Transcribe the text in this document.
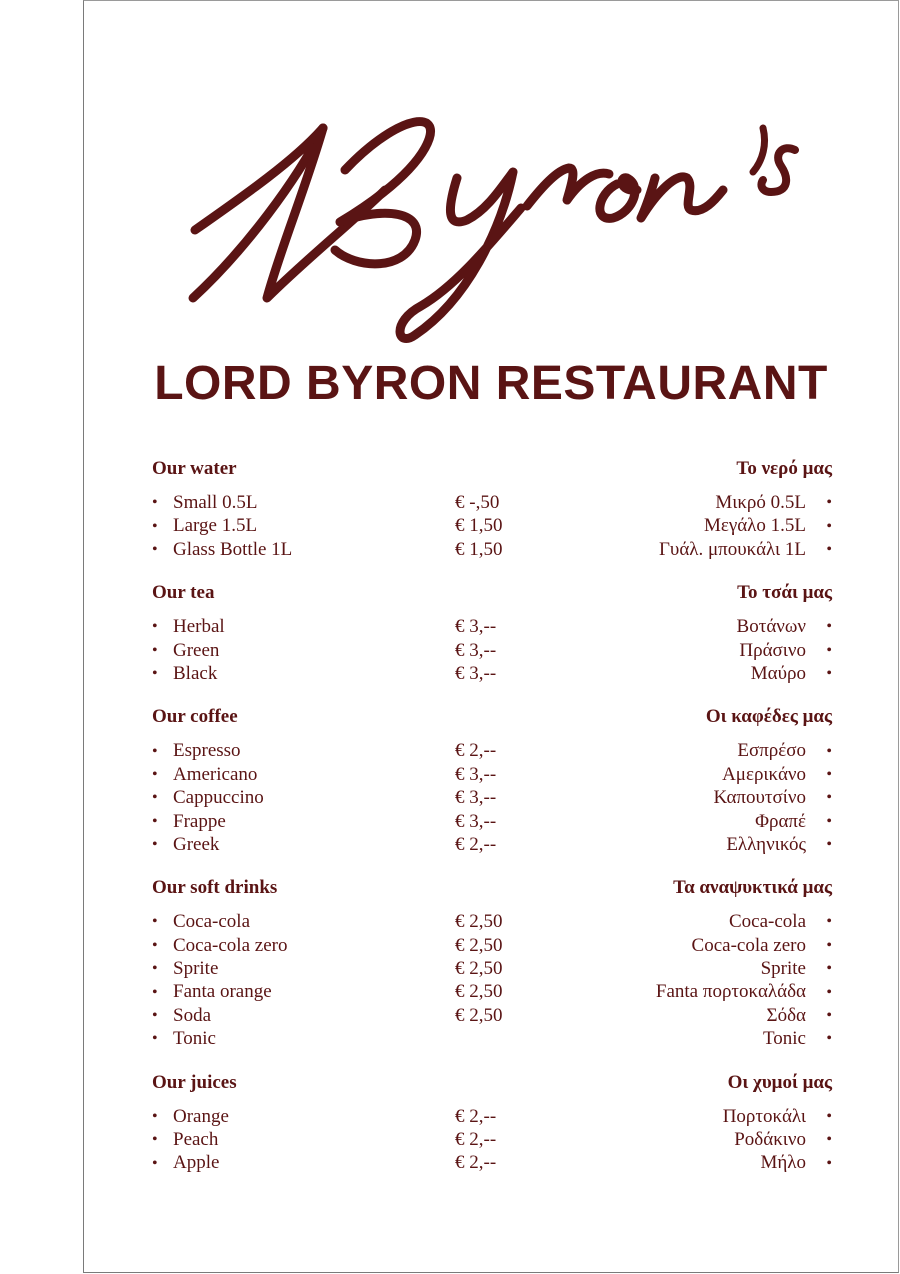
LORD BYRON RESTAURANT
Our water	Το νερό μας
• Small 0.5L	€ -,50	Μικρό 0.5L	•
• Large 1.5L	€ 1,50	Μεγάλο 1.5L	•
• Glass Bottle 1L	€ 1,50	Γυάλ. μπουκάλι 1L	•
Our tea	Το τσάι μας
• Herbal	€ 3,--	Βοτάνων	•
• Green	€ 3,--	Πράσινο	•
• Black	€ 3,--	Μαύρο	•
Our coffee	Οι καφέδες μας
• Espresso	€ 2,--	Εσπρέσο	•
• Americano	€ 3,--	Αμερικάνο	•
• Cappuccino	€ 3,--	Καπουτσίνο	•
• Frappe	€ 3,--	Φραπέ	•
• Greek	€ 2,--	Ελληνικός	•
Our soft drinks	Τα αναψυκτικά μας
• Coca-cola	€ 2,50	Coca-cola	•
• Coca-cola zero	€ 2,50	Coca-cola zero	•
• Sprite	€ 2,50	Sprite	•
• Fanta orange	€ 2,50	Fanta πορτοκαλάδα	•
• Soda	€ 2,50	Σόδα	•
• Tonic	Tonic	•
Our juices	Οι χυμοί μας
• Orange	€ 2,--	Πορτοκάλι	•
• Peach	€ 2,--	Ροδάκινο	•
• Apple	€ 2,--	Μήλο	•
